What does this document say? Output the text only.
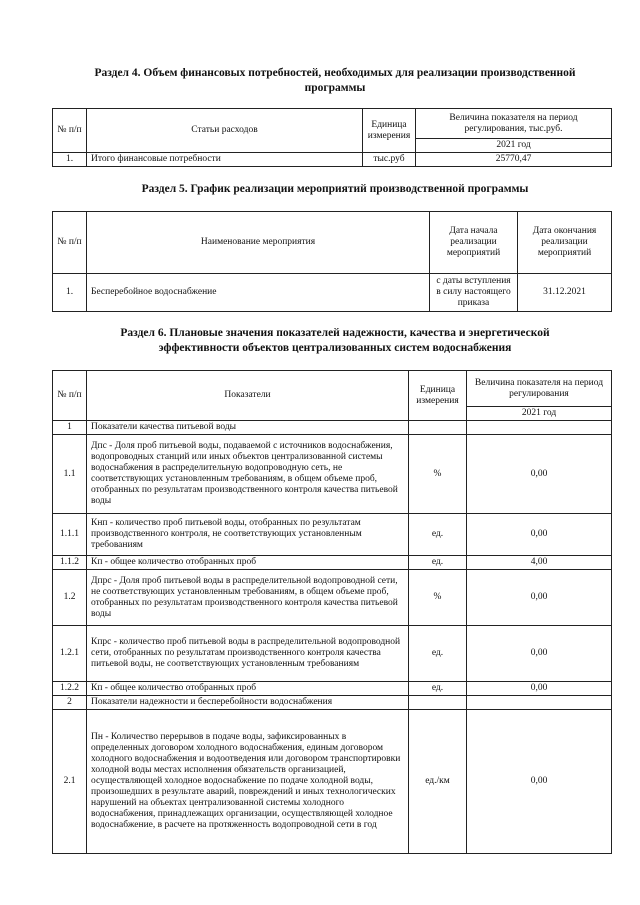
Раздел 4. Объем финансовых потребностей, необходимых для реализации производственной
программы
№ п/п	Статьи расходов	Единица измерения	Величина показателя на период регулирования, тыс.руб.
			2021 год
1.	Итого финансовые потребности	тыс.руб	25770,47
Раздел 5. График реализации мероприятий производственной программы
№ п/п	Наименование мероприятия	Дата начала реализации мероприятий	Дата окончания реализации мероприятий
1.	Бесперебойное водоснабжение	с даты вступления в силу настоящего приказа	31.12.2021
Раздел 6. Плановые значения показателей надежности, качества и энергетической
эффективности объектов централизованных систем водоснабжения
№ п/п	Показатели	Единица измерения	Величина показателя на период регулирования
			2021 год
1	Показатели качества питьевой воды		
1.1	Дпс - Доля проб питьевой воды, подаваемой с источников водоснабжения, водопроводных станций или иных объектов централизованной системы водоснабжения в распределительную водопроводную сеть, не соответствующих установленным требованиям, в общем объеме проб, отобранных по результатам производственного контроля качества питьевой воды	%	0,00
1.1.1	Кнп - количество проб питьевой воды, отобранных по результатам производственного контроля, не соответствующих установленным требованиям	ед.	0,00
1.1.2	Кп - общее количество отобранных проб	ед.	4,00
1.2	Дпрс - Доля проб питьевой воды в распределительной водопроводной сети, не соответствующих установленным требованиям, в общем объеме проб, отобранных по результатам производственного контроля качества питьевой воды	%	0,00
1.2.1	Кпрс - количество проб питьевой воды в распределительной водопроводной сети, отобранных по результатам производственного контроля качества питьевой воды, не соответствующих установленным требованиям	ед.	0,00
1.2.2	Кп - общее количество отобранных проб	ед.	0,00
2	Показатели надежности и бесперебойности водоснабжения		
2.1	Пн - Количество перерывов в подаче воды, зафиксированных в определенных договором холодного водоснабжения, единым договором холодного водоснабжения и водоотведения или договором транспортировки холодной воды местах исполнения обязательств организацией, осуществляющей холодное водоснабжение по подаче холодной воды, произошедших в результате аварий, повреждений и иных технологических нарушений на объектах централизованной системы холодного водоснабжения, принадлежащих организации, осуществляющей холодное водоснабжение, в расчете на протяженность водопроводной сети в год	ед./км	0,00
